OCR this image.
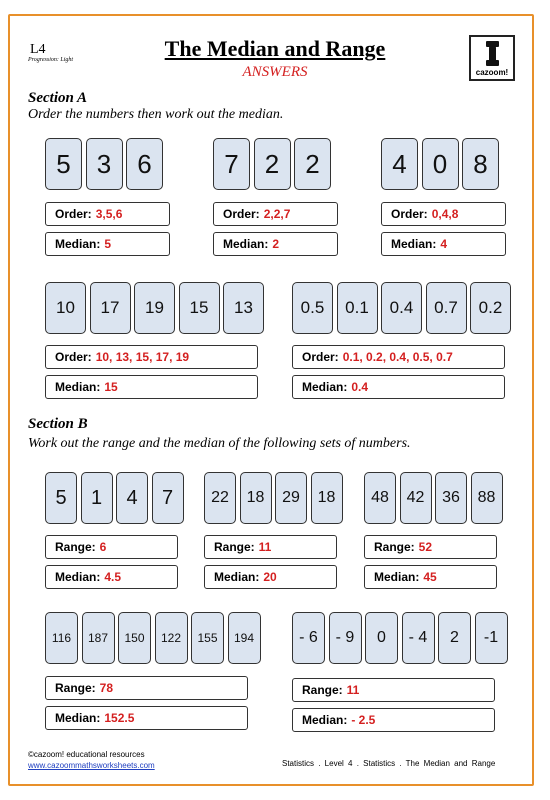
L4
Progression: Light	The Median and Range
ANSWERS	cazoom!
Section A
Order the numbers then work out the median.
Section B
Work out the range and the median of the following sets of numbers.
5	3	6
Order: 3,5,6
Median: 5
7	2	2
Order: 2,2,7
Median: 2
4	0	8
Order: 0,4,8
Median: 4
10	17	19	15	13
Order: 10, 13, 15, 17, 19
Median: 15
0.5	0.1	0.4	0.7	0.2
Order: 0.1, 0.2, 0.4, 0.5, 0.7
Median: 0.4
5	1	4	7
Range: 6
Median: 4.5
22	18	29	18
Range: 11
Median: 20
48	42	36	88
Range: 52
Median: 45
116	187	150	122	155	194
Range: 78
Median: 152.5
- 6	- 9	0	- 4	2	-1
Range: 11
Median: - 2.5
©cazoom! educational resources
www.cazoommathsworksheets.com	Statistics . Level 4 . Statistics . The Median and Range
